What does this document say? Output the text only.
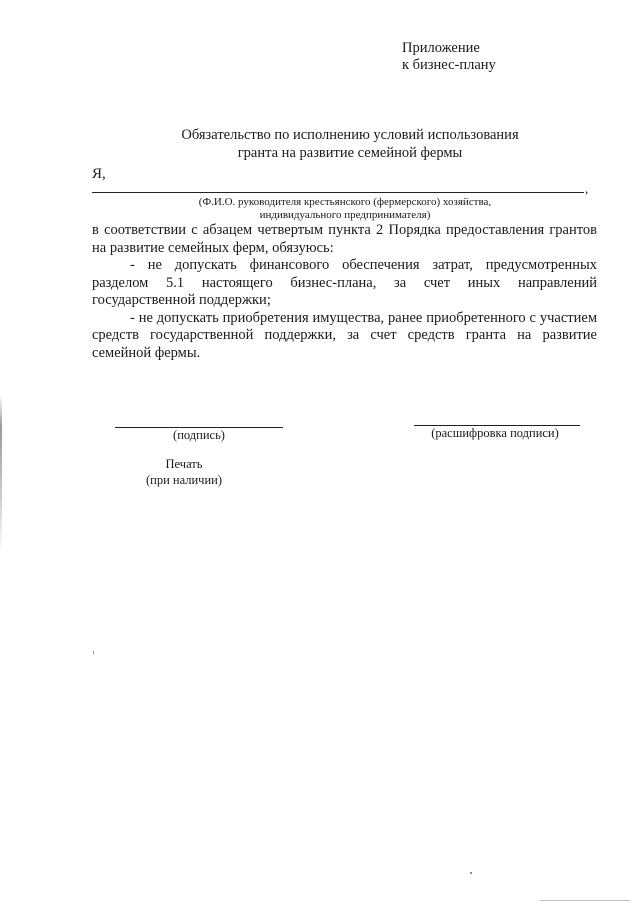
Приложение
к бизнес-плану
Обязательство по исполнению условий использования
гранта на развитие семейной фермы
Я,
,
(Ф.И.О. руководителя крестьянского (фермерского) хозяйства,
индивидуального предпринимателя)

в соответствии с абзацем четвертым пункта 2 Порядка предоставления грантов на развитие семейных ферм, обязуюсь:

- не допускать финансового обеспечения затрат, предусмотренных разделом 5.1 настоящего бизнес-плана, за счет иных направлений государственной поддержки;

- не допускать приобретения имущества, ранее приобретенного с участием средств государственной поддержки, за счет средств гранта на развитие семейной фермы.

(подпись)	(расшифровка подписи)
Печать
(при наличии)
